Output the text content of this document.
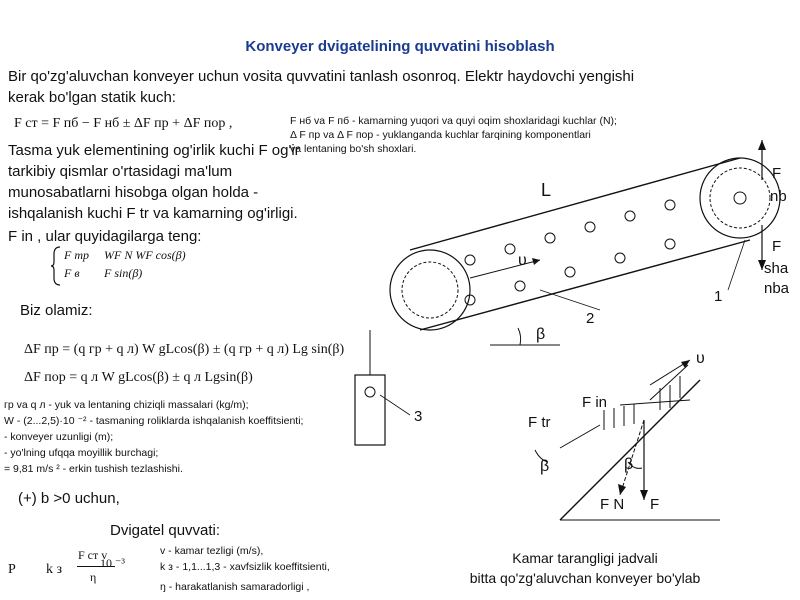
Konveyer dvigatelining quvvatini hisoblash
Bir qo'zg'aluvchan konveyer uchun vosita quvvatini tanlash osonroq. Elektr haydovchi yengishi
kerak bo'lgan statik kuch:
F ст = F пб − F нб ± ΔF пр + ΔF пор ,	F нб va F пб - kamarning yuqori va quyi oqim shoxlaridagi kuchlar (N);
Δ F пр va Δ F пор - yuklanganda kuchlar farqining komponentlari
va lentaning bo'sh shoxlari.
Tasma yuk elementining og'irlik kuchi F og'ir
tarkibiy qismlar o'rtasidagi ma'lum
munosabatlarni hisobga olgan holda -
ishqalanish kuchi F tr va kamarning og'irligi.
F in , ular quyidagilarga teng:
F тр WF N WF cos(β)
F в F sin(β)
Biz olamiz:
ΔF пр = (q гр + q л) W gLcos(β) ± (q гр + q л) Lg sin(β)
ΔF пор = q л W gLcos(β) ± q л Lgsin(β)
гр va q л - yuk va lentaning chiziqli massalari (kg/m);
W - (2...2,5)·10 ⁻² - tasmaning roliklarda ishqalanish koeffitsienti;
- konveyer uzunligi (m);
- yo'lning ufqqa moyillik burchagi;
= 9,81 m/s ² - erkin tushish tezlashishi.
(+) b >0 uchun,
Dvigatel quvvati:
P k з
F ст v
η
10 ⁻³
v - kamar tezligi (m/s),
k з - 1,1...1,3 - xavfsizlik koeffitsienti,
ŋ - harakatlanish samaradorligi ,
L
F
nb
F
sha
nba
υ
β
1
2
3
υ
F in
F tr
β	β
F N F
Kamar tarangligi jadvali
bitta qo'zg'aluvchan konveyer bo'ylab
